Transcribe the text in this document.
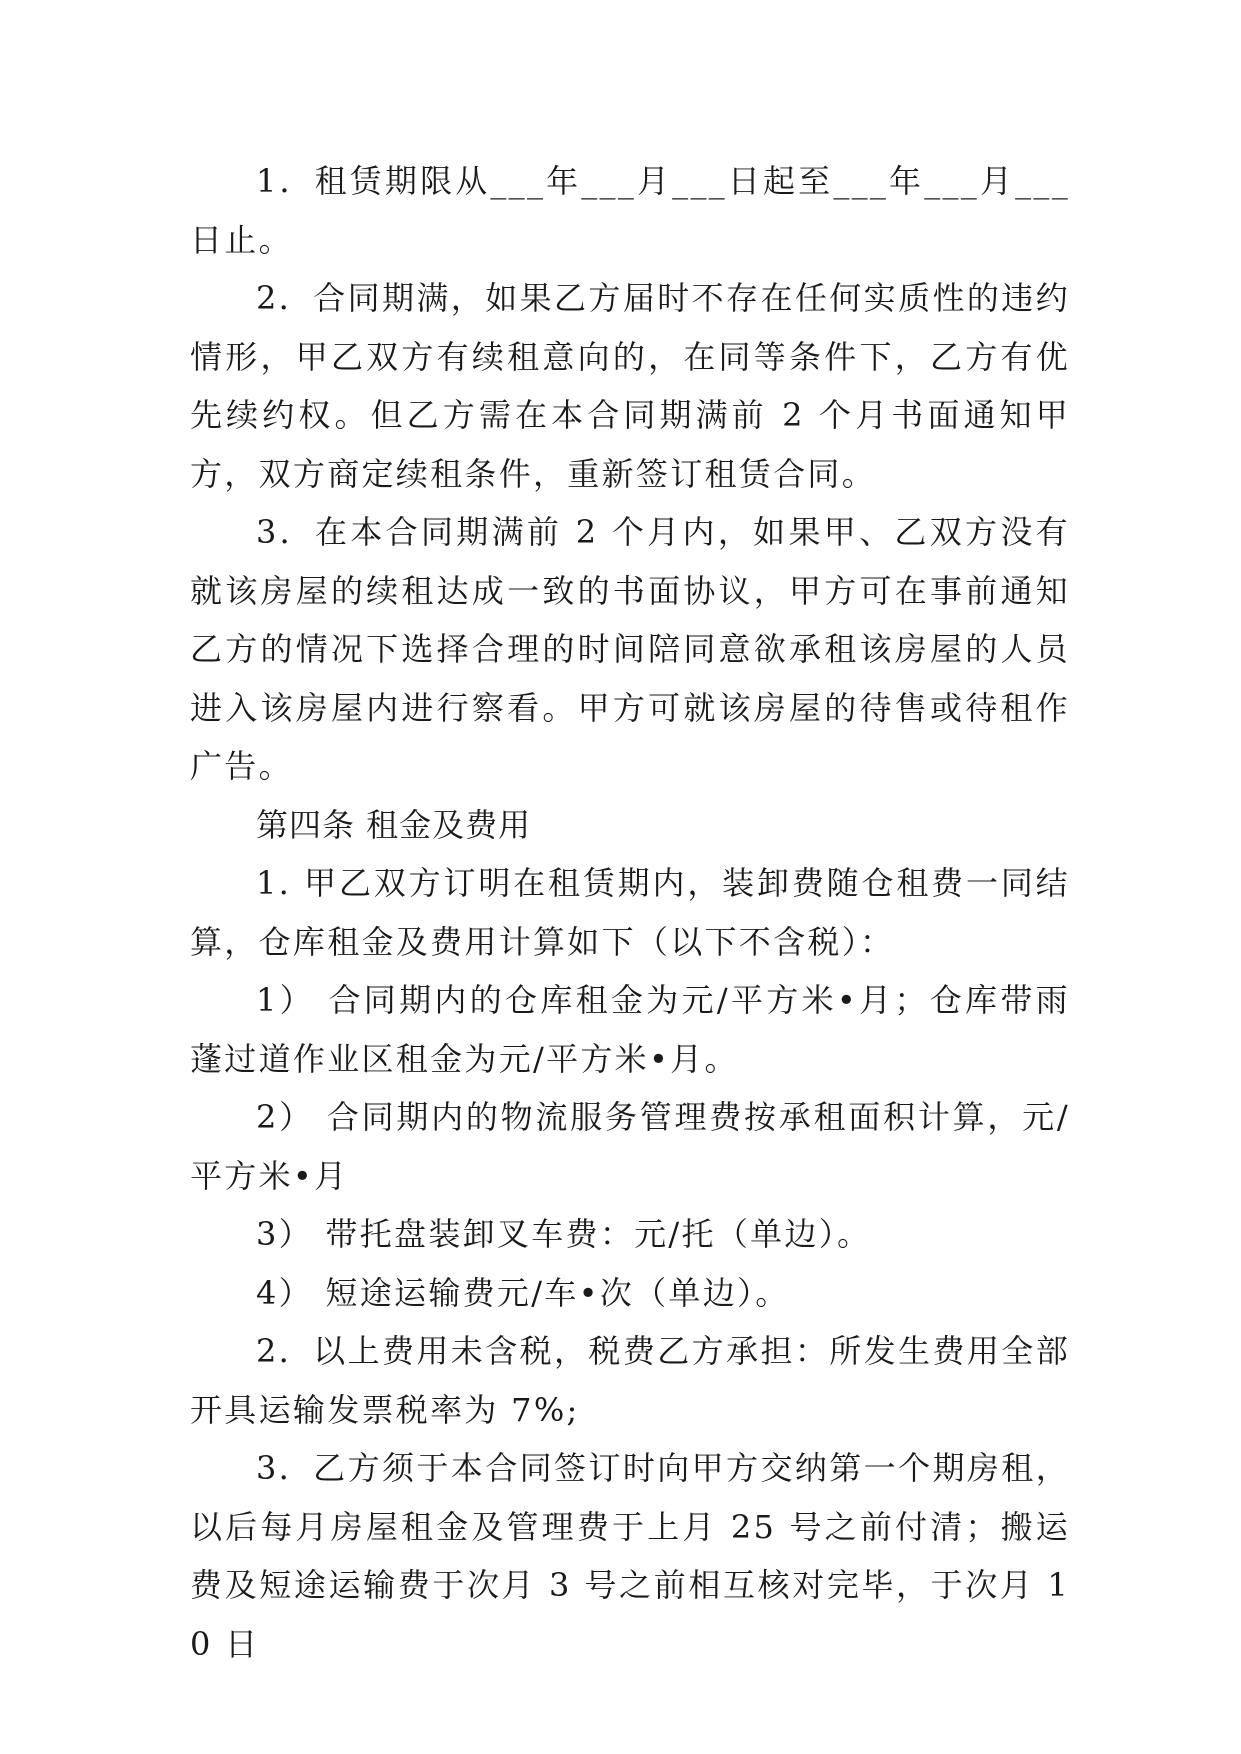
1．租赁期限从___年___月___日起至___年___月___日止。

2．合同期满，如果乙方届时不存在任何实质性的违约情形，甲乙双方有续租意向的，在同等条件下，乙方有优先续约权。但乙方需在本合同期满前 2 个月书面通知甲方，双方商定续租条件，重新签订租赁合同。

3．在本合同期满前 2 个月内，如果甲、乙双方没有就该房屋的续租达成一致的书面协议，甲方可在事前通知乙方的情况下选择合理的时间陪同意欲承租该房屋的人员进入该房屋内进行察看。甲方可就该房屋的待售或待租作广告。

第四条 租金及费用

1. 甲乙双方订明在租赁期内，装卸费随仓租费一同结算，仓库租金及费用计算如下（以下不含税）：

1） 合同期内的仓库租金为元/平方米•月；仓库带雨蓬过道作业区租金为元/平方米•月。

2） 合同期内的物流服务管理费按承租面积计算，元/平方米•月

3） 带托盘装卸叉车费：元/托（单边）。

4） 短途运输费元/车•次（单边）。

2．以上费用未含税，税费乙方承担：所发生费用全部开具运输发票税率为 7%;

3．乙方须于本合同签订时向甲方交纳第一个期房租，以后每月房屋租金及管理费于上月 25 号之前付清；搬运费及短途运输费于次月 3 号之前相互核对完毕，于次月 10 日
